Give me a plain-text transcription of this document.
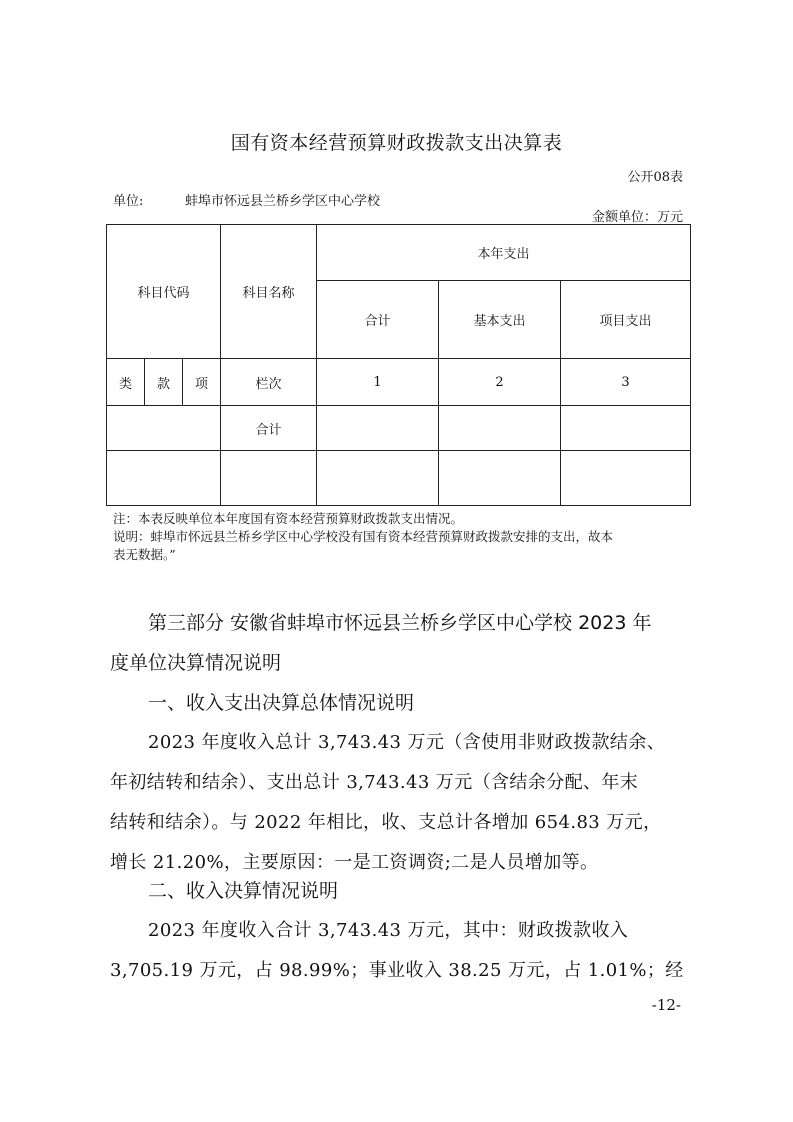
国有资本经营预算财政拨款支出决算表
公开08表
单位:	蚌埠市怀远县兰桥乡学区中心学校
金额单位：万元
科目代码			科目名称	本年支出		
				合计	基本支出	项目支出
类	款	项	栏次	1	2	3
			合计			

注：本表反映单位本年度国有资本经营预算财政拨款支出情况。
说明：蚌埠市怀远县兰桥乡学区中心学校没有国有资本经营预算财政拨款安排的支出，故本
表无数据。”
第三部分 安徽省蚌埠市怀远县兰桥乡学区中心学校 2023 年
度单位决算情况说明
一、收入支出决算总体情况说明
2023 年度收入总计 3,743.43 万元（含使用非财政拨款结余、
年初结转和结余）、支出总计 3,743.43 万元（含结余分配、年末
结转和结余）。与 2022 年相比，收、支总计各增加 654.83 万元，
增长 21.20%，主要原因：一是工资调资;二是人员增加等。
二、收入决算情况说明
2023 年度收入合计 3,743.43 万元，其中：财政拨款收入
3,705.19 万元，占 98.99%；事业收入 38.25 万元，占 1.01%；经
-12-
